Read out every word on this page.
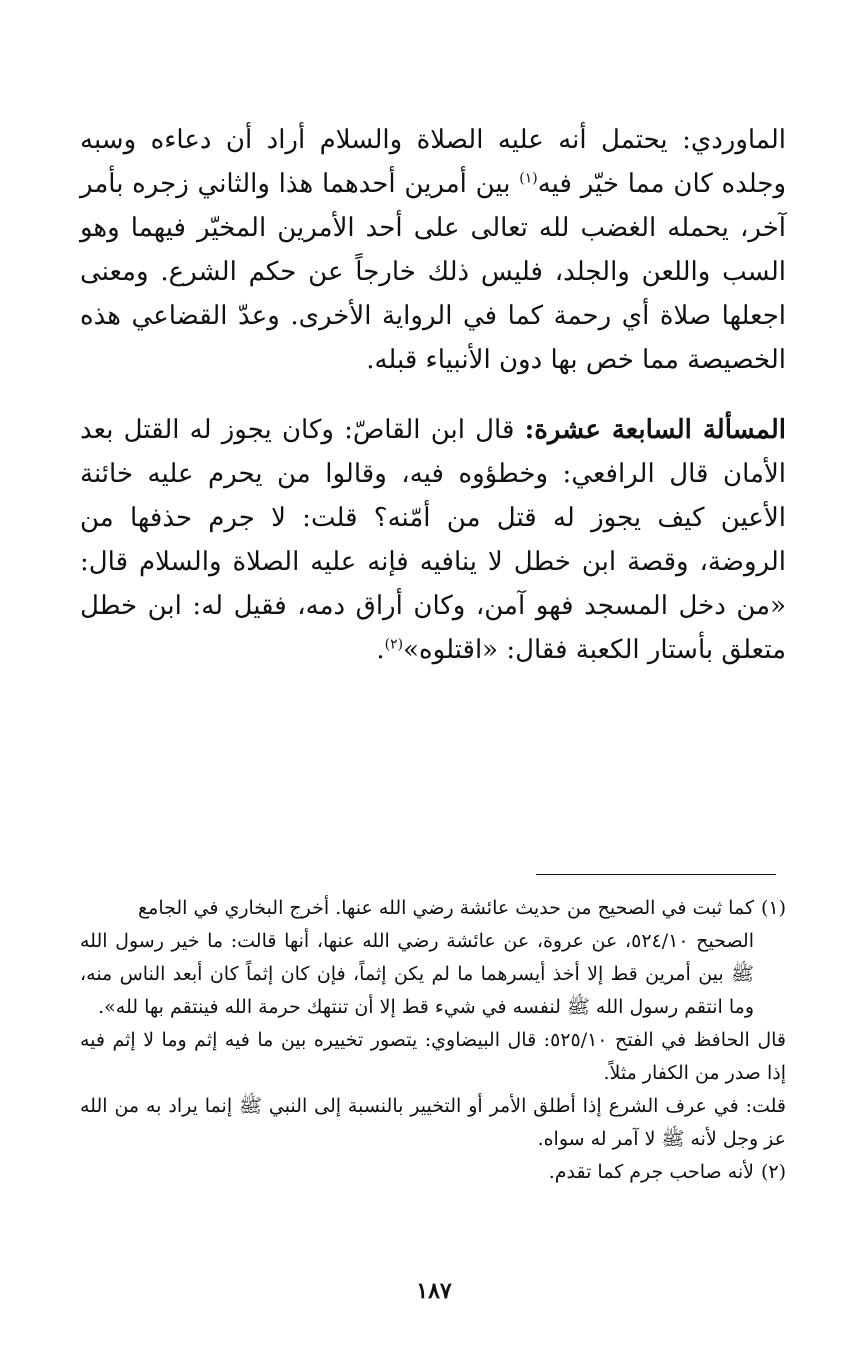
الماوردي: يحتمل أنه عليه الصلاة والسلام أراد أن دعاءه وسبه وجلده كان مما خيّر فيه$^{(١)}$ بين أمرين أحدهما هذا والثاني زجره بأمر آخر، يحمله الغضب لله تعالى على أحد الأمرين المخيّر فيهما وهو السب واللعن والجلد، فليس ذلك خارجاً عن حكم الشرع. ومعنى اجعلها صلاة أي رحمة كما في الرواية الأخرى. وعدّ القضاعي هذه الخصيصة مما خص بها دون الأنبياء قبله.

المسألة السابعة عشرة: قال ابن القاصّ: وكان يجوز له القتل بعد الأمان قال الرافعي: وخطؤوه فيه، وقالوا من يحرم عليه خائنة الأعين كيف يجوز له قتل من أمّنه؟ قلت: لا جرم حذفها من الروضة، وقصة ابن خطل لا ينافيه فإنه عليه الصلاة والسلام قال: «من دخل المسجد فهو آمن، وكان أراق دمه، فقيل له: ابن خطل متعلق بأستار الكعبة فقال: «اقتلوه»$^{(٢)}$.

(١)كما ثبت في الصحيح من حديث عائشة رضي الله عنها. أخرج البخاري في الجامع

الصحيح ٥٢٤/١٠، عن عروة، عن عائشة رضي الله عنها، أنها قالت: ما خير رسول الله ﷺ بين أمرين قط إلا أخذ أيسرهما ما لم يكن إثماً، فإن كان إثماً كان أبعد الناس منه، وما انتقم رسول الله ﷺ لنفسه في شيء قط إلا أن تنتهك حرمة الله فينتقم بها لله».

قال الحافظ في الفتح ٥٢٥/١٠: قال البيضاوي: يتصور تخييره بين ما فيه إثم وما لا إثم فيه إذا صدر من الكفار مثلاً.

قلت: في عرف الشرع إذا أطلق الأمر أو التخيير بالنسبة إلى النبي ﷺ إنما يراد به من الله عز وجل لأنه ﷺ لا آمر له سواه.

(٢)لأنه صاحب جرم كما تقدم.

١٨٧
